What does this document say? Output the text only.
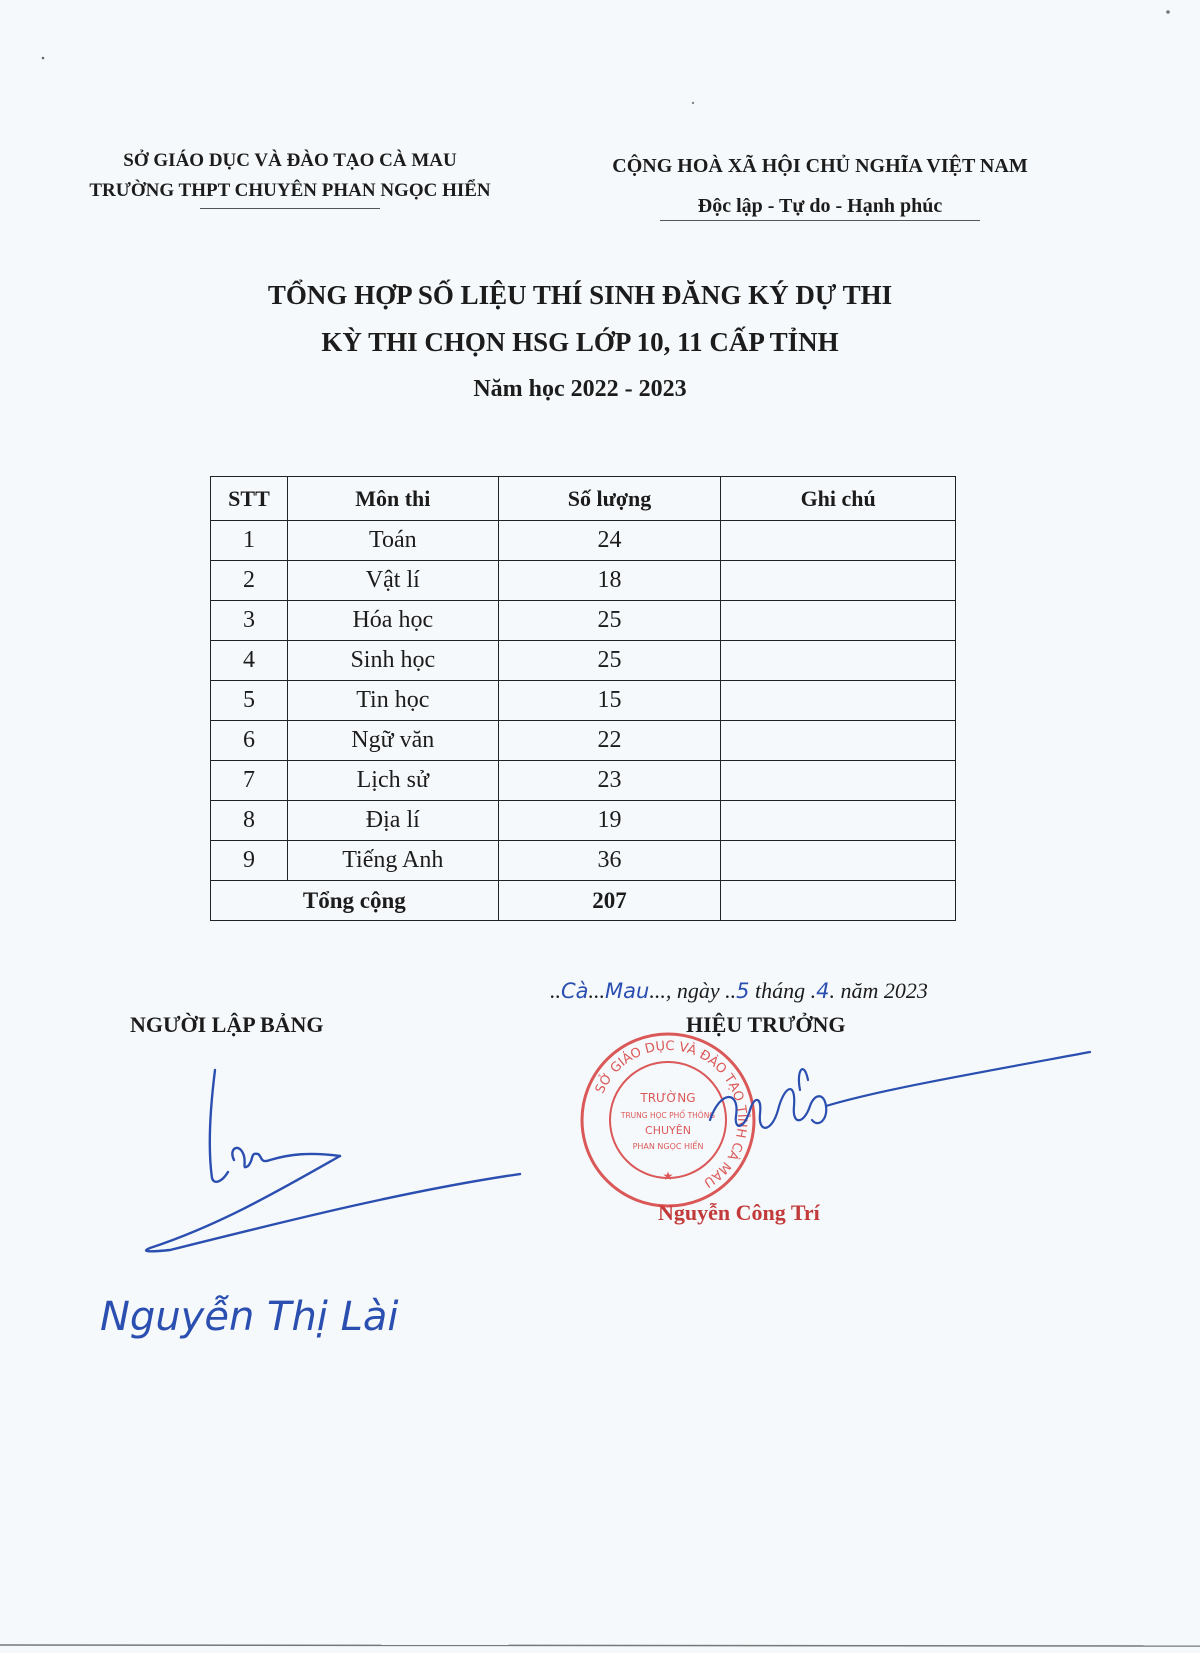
SỞ GIÁO DỤC VÀ ĐÀO TẠO CÀ MAU
TRƯỜNG THPT CHUYÊN PHAN NGỌC HIỂN
CỘNG HOÀ XÃ HỘI CHỦ NGHĨA VIỆT NAM
Độc lập - Tự do - Hạnh phúc
TỔNG HỢP SỐ LIỆU THÍ SINH ĐĂNG KÝ DỰ THI
KỲ THI CHỌN HSG LỚP 10, 11 CẤP TỈNH
Năm học 2022 - 2023
STT	Môn thi	Số lượng	Ghi chú
1	Toán	24	
2	Vật lí	18	
3	Hóa học	25	
4	Sinh học	25	
5	Tin học	15	
6	Ngữ văn	22	
7	Lịch sử	23	
8	Địa lí	19	
9	Tiếng Anh	36	
Tổng cộng		207	
..Cà...Mau..., ngày ..5 tháng .4. năm 2023
NGƯỜI LẬP BẢNG	HIỆU TRƯỞNG
Nguyễn Công Trí
Nguyễn Thị Lài
SỞ GIÁO DỤC VÀ ĐÀO TẠO TỈNH CÀ MAU
TRƯỜNG
TRUNG HỌC PHỔ THÔNG
CHUYÊN
PHAN NGỌC HIỂN
★
